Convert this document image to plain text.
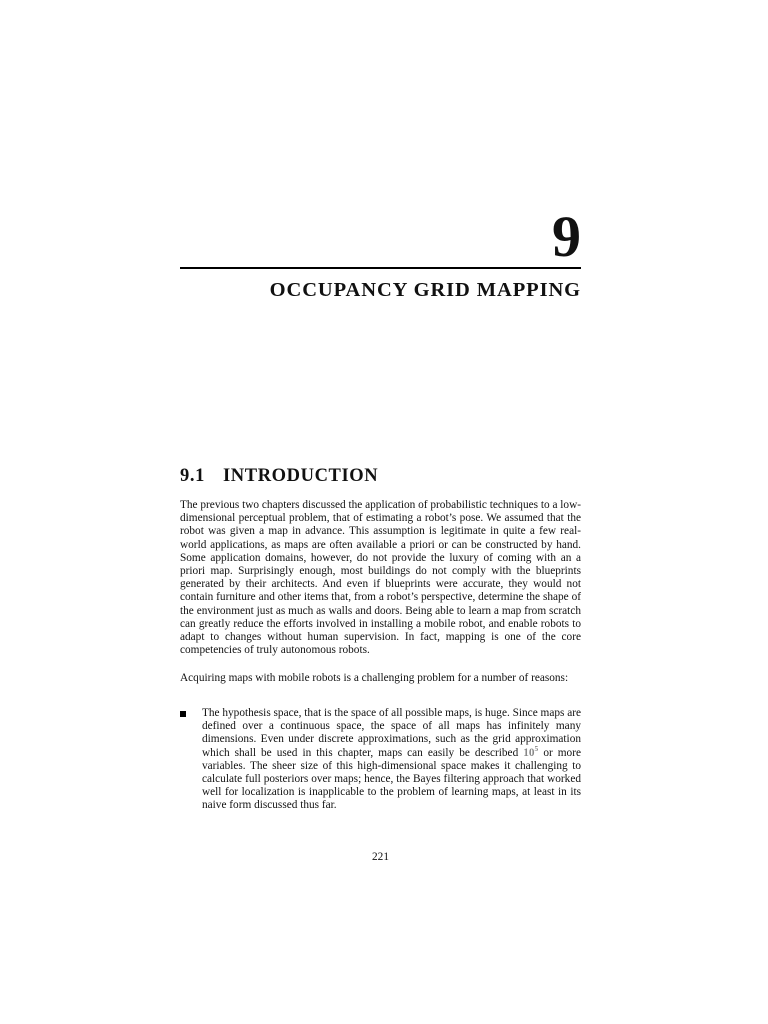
9
OCCUPANCY GRID MAPPING
9.1 INTRODUCTION

The previous two chapters discussed the application of probabilistic techniques to a low-dimensional perceptual problem, that of estimating a robot’s pose. We assumed that the robot was given a map in advance. This assumption is legitimate in quite a few real-world applications, as maps are often available a priori or can be constructed by hand. Some application domains, however, do not provide the luxury of coming with an a priori map. Surprisingly enough, most buildings do not comply with the blueprints generated by their architects. And even if blueprints were accurate, they would not contain furniture and other items that, from a robot’s perspective, determine the shape of the environment just as much as walls and doors. Being able to learn a map from scratch can greatly reduce the efforts involved in installing a mobile robot, and enable robots to adapt to changes without human supervision. In fact, mapping is one of the core competencies of truly autonomous robots.

Acquiring maps with mobile robots is a challenging problem for a number of reasons:

The hypothesis space, that is the space of all possible maps, is huge. Since maps are defined over a continuous space, the space of all maps has infinitely many dimensions. Even under discrete approximations, such as the grid approximation which shall be used in this chapter, maps can easily be described $10^5$ or more variables. The sheer size of this high-dimensional space makes it challenging to calculate full posteriors over maps; hence, the Bayes filtering approach that worked well for localization is inapplicable to the problem of learning maps, at least in its naive form discussed thus far.
221
